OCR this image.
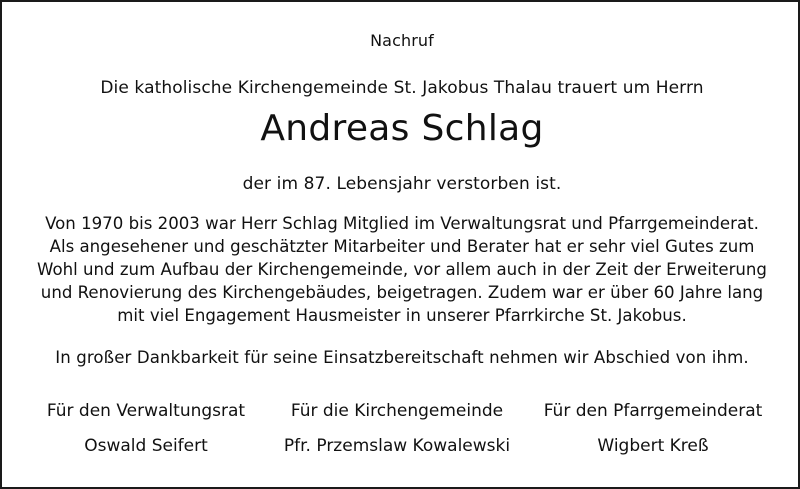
Nachruf
Die katholische Kirchengemeinde St. Jakobus Thalau trauert um Herrn
Andreas Schlag
der im 87. Lebensjahr verstorben ist.
Von 1970 bis 2003 war Herr Schlag Mitglied im Verwaltungsrat und Pfarrgemeinderat.
Als angesehener und geschätzter Mitarbeiter und Berater hat er sehr viel Gutes zum
Wohl und zum Aufbau der Kirchengemeinde, vor allem auch in der Zeit der Erweiterung
und Renovierung des Kirchengebäudes, beigetragen. Zudem war er über 60 Jahre lang
mit viel Engagement Hausmeister in unserer Pfarrkirche St. Jakobus.
In großer Dankbarkeit für seine Einsatzbereitschaft nehmen wir Abschied von ihm.
Für den Verwaltungsrat	Für die Kirchengemeinde	Für den Pfarrgemeinderat
Oswald Seifert	Pfr. Przemslaw Kowalewski	Wigbert Kreß
